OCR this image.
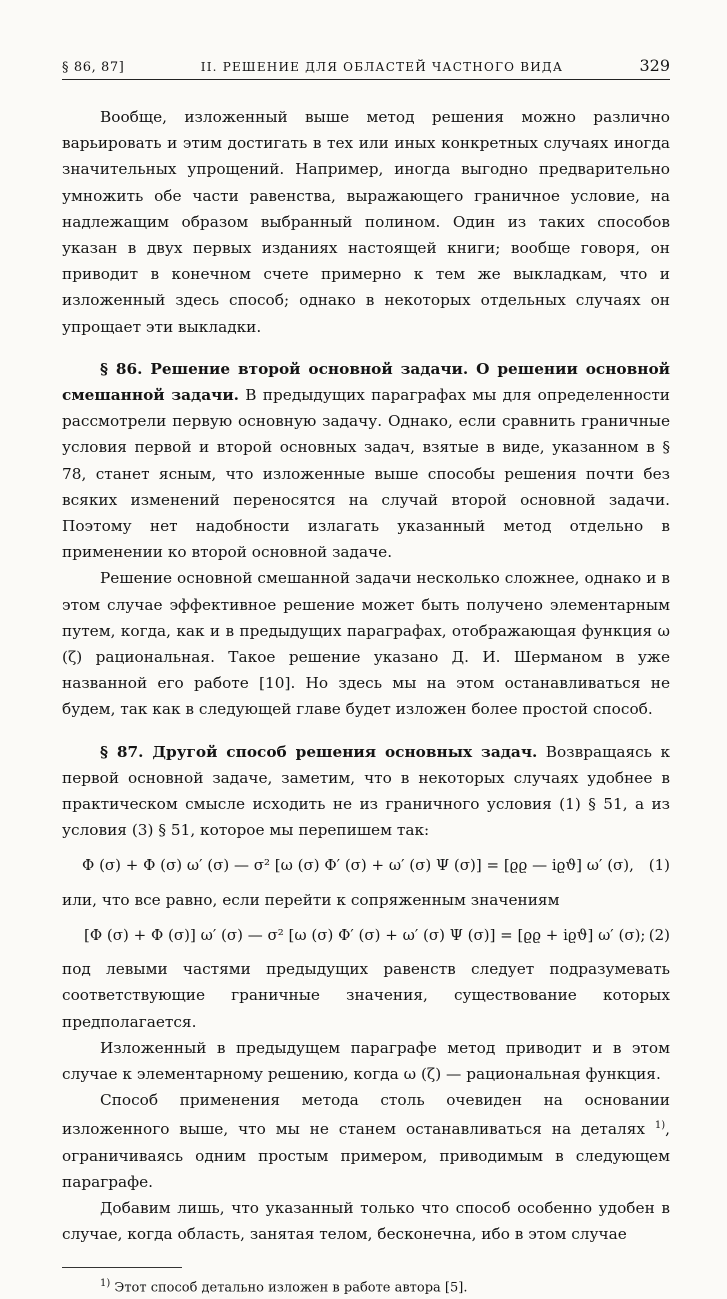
§ 86, 87]	II. РЕШЕНИЕ ДЛЯ ОБЛАСТЕЙ ЧАСТНОГО ВИДА	329

Вообще, изложенный выше метод решения можно различно варьировать и этим достигать в тех или иных конкретных случаях иногда значительных упрощений. Например, иногда выгодно предварительно умножить обе части равенства, выражающего граничное условие, на надлежащим образом выбранный полином. Один из таких способов указан в двух первых изданиях настоящей книги; вообще говоря, он приводит в конечном счете примерно к тем же выкладкам, что и изложенный здесь способ; однако в некоторых отдельных случаях он упрощает эти выкладки.

§ 86. Решение второй основной задачи. О решении основной смешанной задачи. В предыдущих параграфах мы для определенности рассмотрели первую основную задачу. Однако, если сравнить граничные условия первой и второй основных задач, взятые в виде, указанном в § 78, станет ясным, что изложенные выше способы решения почти без всяких изменений переносятся на случай второй основной задачи. Поэтому нет надобности излагать указанный метод отдельно в применении ко второй основной задаче.

Решение основной смешанной задачи несколько сложнее, однако и в этом случае эффективное решение может быть получено элементарным путем, когда, как и в предыдущих параграфах, отображающая функция ω (ζ) рациональная. Такое решение указано Д. И. Шерманом в уже названной его работе [10]. Но здесь мы на этом останавливаться не будем, так как в следующей главе будет изложен более простой способ.

§ 87. Другой способ решения основных задач. Возвращаясь к первой основной задаче, заметим, что в некоторых случаях удобнее в практическом смысле исходить не из граничного условия (1) § 51, а из условия (3) § 51, которое мы перепишем так:

Φ (σ) + Φ (σ) ω′ (σ) — σ² [ω (σ) Φ′ (σ) + ω′ (σ) Ψ (σ)] = [ϱϱ — iϱϑ] ω′ (σ), (1)

или, что все равно, если перейти к сопряженным значениям

[Φ (σ) + Φ (σ)] ω′ (σ) — σ² [ω (σ) Φ′ (σ) + ω′ (σ) Ψ (σ)] = [ϱϱ + iϱϑ] ω′ (σ); (2)

под левыми частями предыдущих равенств следует подразумевать соответствующие граничные значения, существование которых предполагается.

Изложенный в предыдущем параграфе метод приводит и в этом случае к элементарному решению, когда ω (ζ) — рациональная функция.

Способ применения метода столь очевиден на основании изложенного выше, что мы не станем останавливаться на деталях $^{1)}$, ограничиваясь одним простым примером, приводимым в следующем параграфе.

Добавим лишь, что указанный только что способ особенно удобен в случае, когда область, занятая телом, бесконечна, ибо в этом случае

$^{1)}$ Этот способ детально изложен в работе автора [5].
